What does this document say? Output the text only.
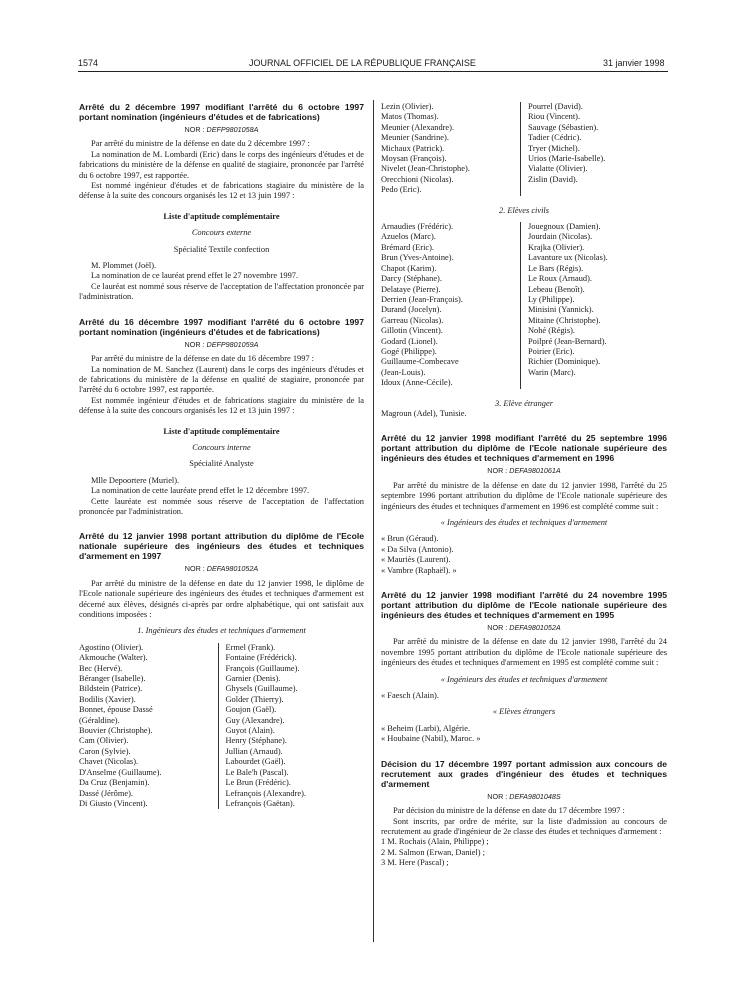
1574	JOURNAL OFFICIEL DE LA RÉPUBLIQUE FRANÇAISE	31 janvier 1998
Arrêté du 2 décembre 1997 modifiant l'arrêté du 6 octobre 1997 portant nomination (ingénieurs d'études et de fabrications)
NOR : DEFP9801058A

Par arrêté du ministre de la défense en date du 2 décembre 1997 :

La nomination de M. Lombardi (Eric) dans le corps des ingénieurs d'études et de fabrications du ministère de la défense en qualité de stagiaire, prononcée par l'arrêté du 6 octobre 1997, est rapportée.

Est nommé ingénieur d'études et de fabrications stagiaire du ministère de la défense à la suite des concours organisés les 12 et 13 juin 1997 :

Liste d'aptitude complémentaire

Concours externe

Spécialité Textile confection

M. Plommet (Joël).

La nomination de ce lauréat prend effet le 27 novembre 1997.

Ce lauréat est nommé sous réserve de l'acceptation de l'affectation prononcée par l'administration.

Arrêté du 16 décembre 1997 modifiant l'arrêté du 6 octobre 1997 portant nomination (ingénieurs d'études et de fabrications)
NOR : DEFP9801059A

Par arrêté du ministre de la défense en date du 16 décembre 1997 :

La nomination de M. Sanchez (Laurent) dans le corps des ingénieurs d'études et de fabrications du ministère de la défense en qualité de stagiaire, prononcée par l'arrêté du 6 octobre 1997, est rapportée.

Est nommée ingénieur d'études et de fabrications stagiaire du ministère de la défense à la suite des concours organisés les 12 et 13 juin 1997 :

Liste d'aptitude complémentaire

Concours interne

Spécialité Analyste

Mlle Depoortere (Muriel).

La nomination de cette lauréate prend effet le 12 décembre 1997.

Cette lauréate est nommée sous réserve de l'acceptation de l'affectation prononcée par l'administration.

Arrêté du 12 janvier 1998 portant attribution du diplôme de l'Ecole nationale supérieure des ingénieurs des études et techniques d'armement en 1997
NOR : DEFA9801052A

Par arrêté du ministre de la défense en date du 12 janvier 1998, le diplôme de l'Ecole nationale supérieure des ingénieurs des études et techniques d'armement est décerné aux élèves, désignés ci-après par ordre alphabétique, qui ont satisfait aux conditions imposées :

1. Ingénieurs des études et techniques d'armement

Agostino (Olivier).
Akmouche (Walter).
Bec (Hervé).
Béranger (Isabelle).
Bildstein (Patrice).
Bodilis (Xavier).
Bonnet, épouse Dassé
(Géraldine).
Bouvier (Christophe).
Cam (Olivier).
Caron (Sylvie).
Chavet (Nicolas).
D'Anselme (Guillaume).
Da Cruz (Benjamin).
Dassé (Jérôme).
Di Giusto (Vincent).
Ermel (Frank).
Fontaine (Frédérick).
François (Guillaume).
Garnier (Denis).
Ghysels (Guillaume).
Golder (Thierry).
Goujon (Gaël).
Guy (Alexandre).
Guyot (Alain).
Henry (Stéphane).
Jullian (Arnaud).
Labourdet (Gaël).
Le Bale'h (Pascal).
Le Brun (Frédéric).
Lefrançois (Alexandre).
Lefrançois (Gaëtan).
Lezin (Olivier).
Matos (Thomas).
Meunier (Alexandre).
Meunier (Sandrine).
Michaux (Patrick).
Moysan (François).
Nivelet (Jean-Christophe).
Orecchioni (Nicolas).
Pedo (Eric).
Pourrel (David).
Riou (Vincent).
Sauvage (Sébastien).
Tadier (Cédric).
Tryer (Michel).
Urios (Marie-Isabelle).
Vialatte (Olivier).
Zislin (David).

2. Elèves civils

Arnaudies (Frédéric).
Azuelos (Marc).
Brémard (Eric).
Brun (Yves-Antoine).
Chapot (Karim).
Darcy (Stéphane).
Delataye (Pierre).
Derrien (Jean-François).
Durand (Jocelyn).
Garreau (Nicolas).
Gillotin (Vincent).
Godard (Lionel).
Gogé (Philippe).
Guillaume-Combecave
(Jean-Louis).
Idoux (Anne-Cécile).
Jouegnoux (Damien).
Jourdain (Nicolas).
Krajka (Olivier).
Lavanture ux (Nicolas).
Le Bars (Régis).
Le Roux (Arnaud).
Lebeau (Benoît).
Ly (Philippe).
Minisini (Yannick).
Mitaine (Christophe).
Nohé (Régis).
Poilpré (Jean-Bernard).
Poirier (Eric).
Richier (Dominique).
Warin (Marc).

3. Elève étranger

Magroun (Adel), Tunisie.

Arrêté du 12 janvier 1998 modifiant l'arrêté du 25 septembre 1996 portant attribution du diplôme de l'Ecole nationale supérieure des ingénieurs des études et techniques d'armement en 1996
NOR : DEFA9801061A

Par arrêté du ministre de la défense en date du 12 janvier 1998, l'arrêté du 25 septembre 1996 portant attribution du diplôme de l'Ecole nationale supérieure des ingénieurs des études et techniques d'armement en 1996 est complété comme suit :

« Ingénieurs des études et techniques d'armement

« Brun (Géraud).
« Da Silva (Antonio).
« Mauriès (Laurent).
« Vambre (Raphaël). »
Arrêté du 12 janvier 1998 modifiant l'arrêté du 24 novembre 1995 portant attribution du diplôme de l'Ecole nationale supérieure des ingénieurs des études et techniques d'armement en 1995
NOR : DEFA9801052A

Par arrêté du ministre de la défense en date du 12 janvier 1998, l'arrêté du 24 novembre 1995 portant attribution du diplôme de l'Ecole nationale supérieure des ingénieurs des études et techniques d'armement en 1995 est complété comme suit :

« Ingénieurs des études et techniques d'armement

« Faesch (Alain).

« Elèves étrangers

« Beheim (Larbi), Algérie.
« Houbaine (Nabil), Maroc. »
Décision du 17 décembre 1997 portant admission aux concours de recrutement aux grades d'ingénieur des études et techniques d'armement
NOR : DEFA9801048S

Par décision du ministre de la défense en date du 17 décembre 1997 :

Sont inscrits, par ordre de mérite, sur la liste d'admission au concours de recrutement au grade d'ingénieur de 2e classe des études et techniques d'armement :

1 M. Rochais (Alain, Philippe) ;
2 M. Salmon (Erwan, Daniel) ;
3 M. Here (Pascal) ;
